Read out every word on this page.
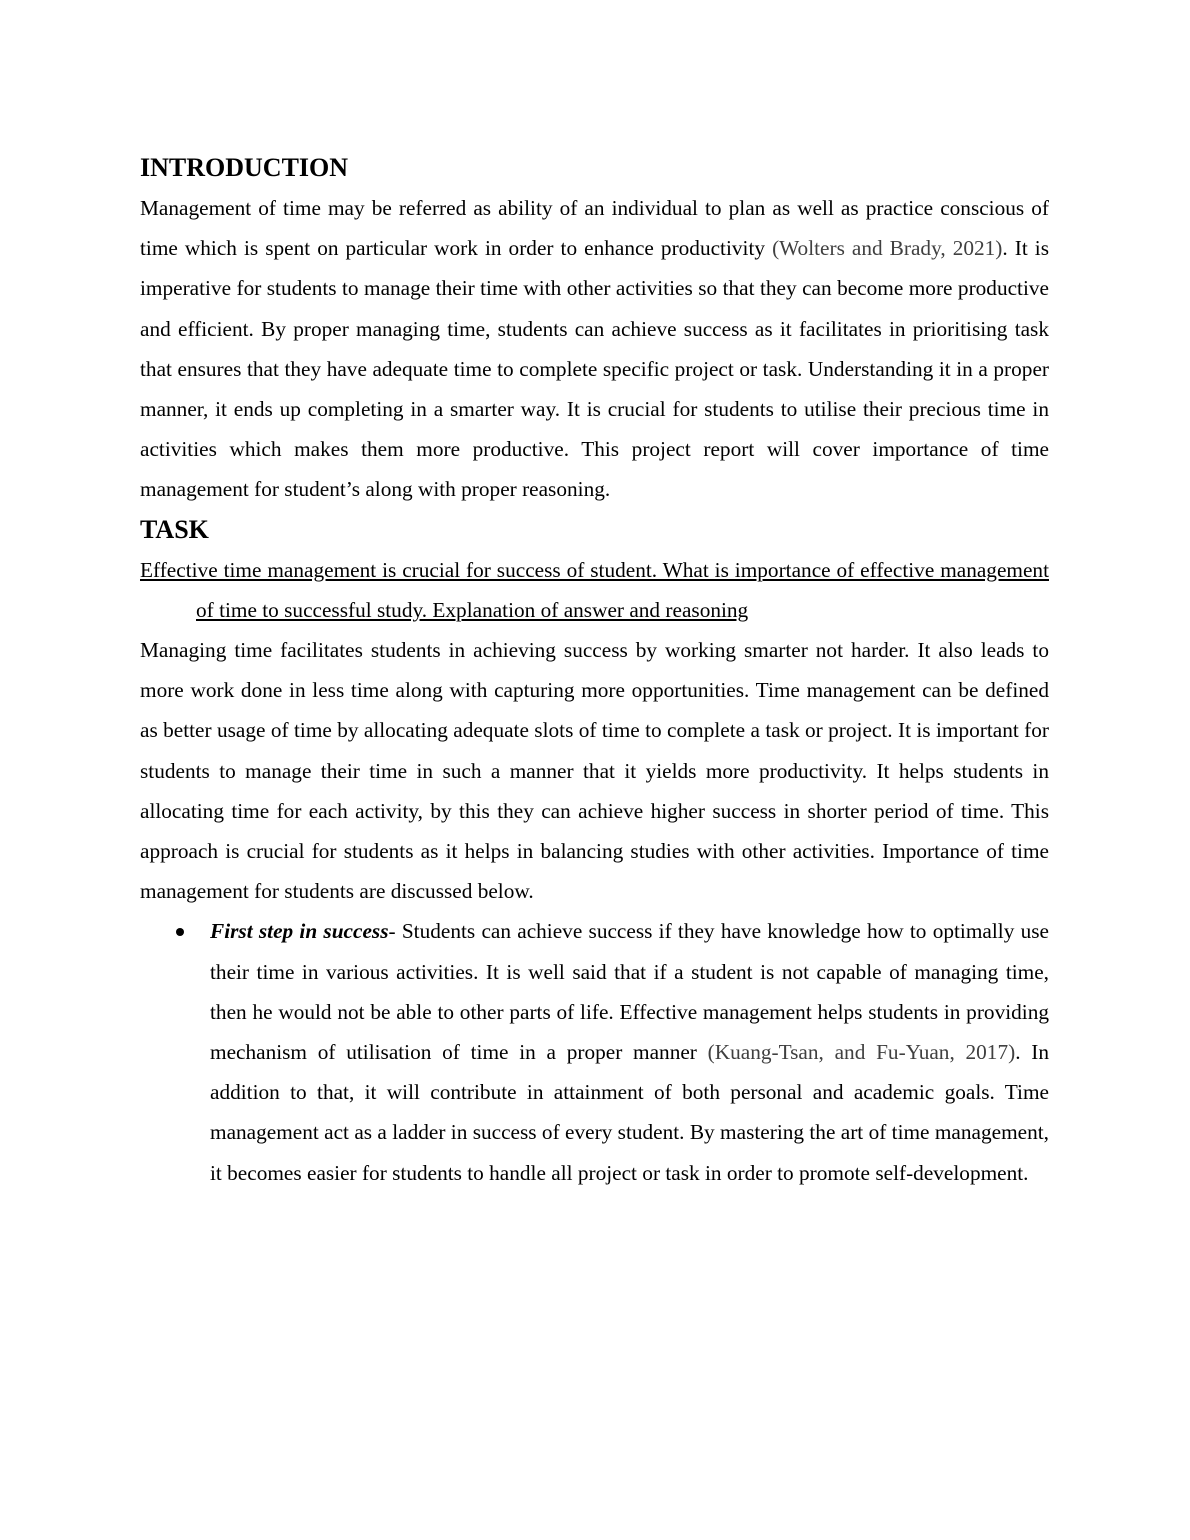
INTRODUCTION

Management of time may be referred as ability of an individual to plan as well as practice conscious of time which is spent on particular work in order to enhance productivity (Wolters and Brady, 2021). It is imperative for students to manage their time with other activities so that they can become more productive and efficient. By proper managing time, students can achieve success as it facilitates in prioritising task that ensures that they have adequate time to complete specific project or task. Understanding it in a proper manner, it ends up completing in a smarter way. It is crucial for students to utilise their precious time in activities which makes them more productive. This project report will cover importance of time management for student’s along with proper reasoning.

TASK

Effective time management is crucial for success of student. What is importance of effective management of time to successful study. Explanation of answer and reasoning

Managing time facilitates students in achieving success by working smarter not harder. It also leads to more work done in less time along with capturing more opportunities. Time management can be defined as better usage of time by allocating adequate slots of time to complete a task or project. It is important for students to manage their time in such a manner that it yields more productivity. It helps students in allocating time for each activity, by this they can achieve higher success in shorter period of time. This approach is crucial for students as it helps in balancing studies with other activities. Importance of time management for students are discussed below.

First step in success- Students can achieve success if they have knowledge how to optimally use their time in various activities. It is well said that if a student is not capable of managing time, then he would not be able to other parts of life. Effective management helps students in providing mechanism of utilisation of time in a proper manner (Kuang-Tsan, and Fu-Yuan, 2017). In addition to that, it will contribute in attainment of both personal and academic goals. Time management act as a ladder in success of every student. By mastering the art of time management, it becomes easier for students to handle all project or task in order to promote self-development.
